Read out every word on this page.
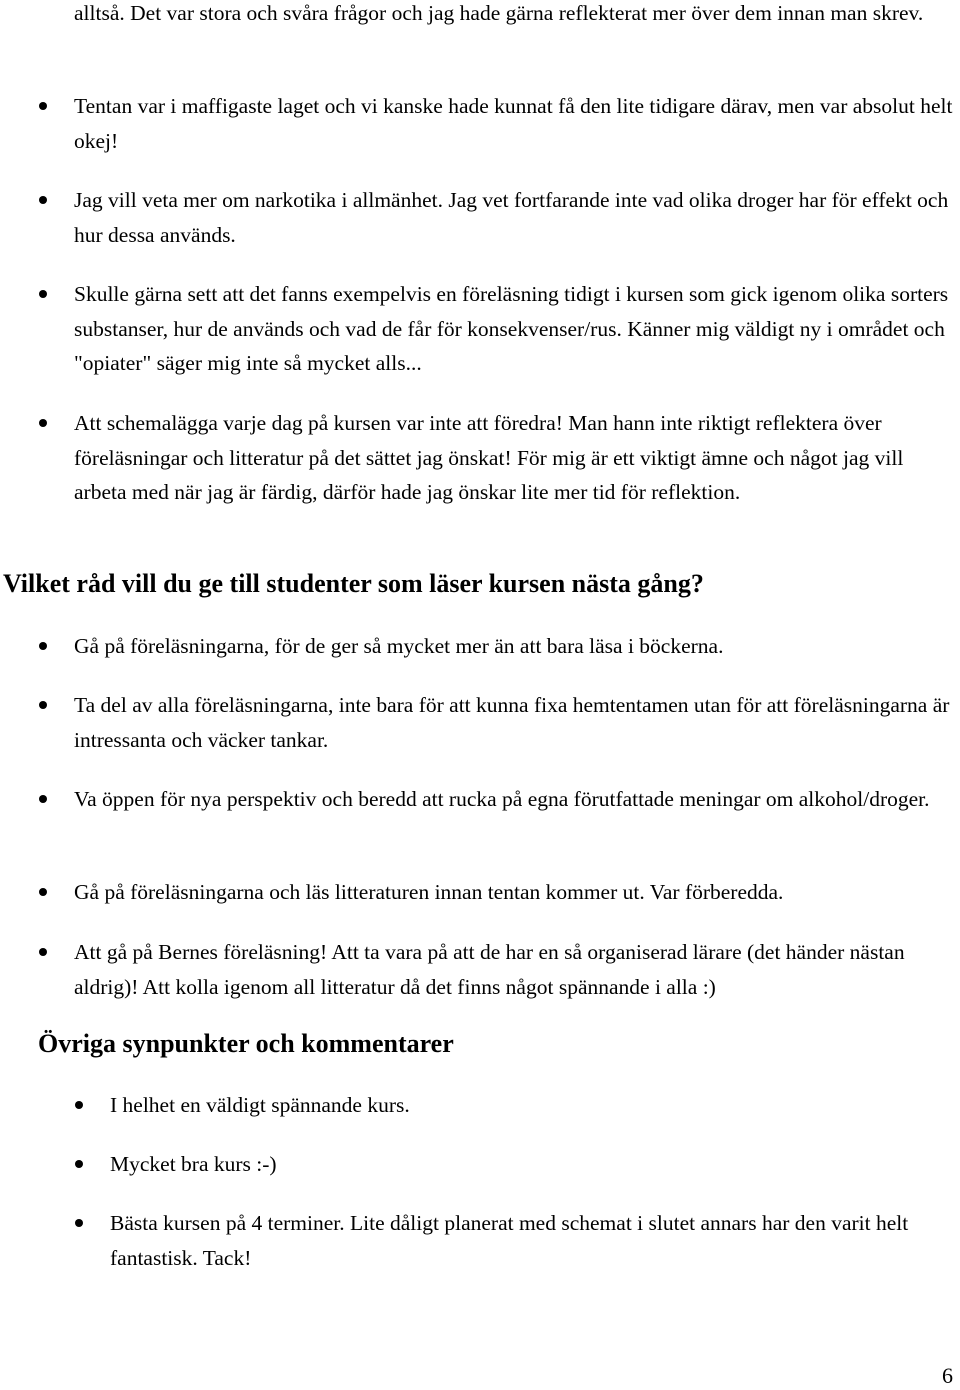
alltså. Det var stora och svåra frågor och jag hade gärna reflekterat mer över dem innan man skrev.

Tentan var i maffigaste laget och vi kanske hade kunnat få den lite tidigare därav, men var absolut helt okej!

Jag vill veta mer om narkotika i allmänhet. Jag vet fortfarande inte vad olika droger har för effekt och hur dessa används.

Skulle gärna sett att det fanns exempelvis en föreläsning tidigt i kursen som gick igenom olika sorters substanser, hur de används och vad de får för konsekvenser/rus. Känner mig väldigt ny i området och "opiater" säger mig inte så mycket alls...

Att schemalägga varje dag på kursen var inte att föredra! Man hann inte riktigt reflektera över föreläsningar och litteratur på det sättet jag önskat! För mig är ett viktigt ämne och något jag vill arbeta med när jag är färdig, därför hade jag önskar lite mer tid för reflektion.

Vilket råd vill du ge till studenter som läser kursen nästa gång?

Gå på föreläsningarna, för de ger så mycket mer än att bara läsa i böckerna.

Ta del av alla föreläsningarna, inte bara för att kunna fixa hemtentamen utan för att föreläsningarna är intressanta och väcker tankar.

Va öppen för nya perspektiv och beredd att rucka på egna förutfattade meningar om alkohol/droger.

Gå på föreläsningarna och läs litteraturen innan tentan kommer ut. Var förberedda.

Att gå på Bernes föreläsning! Att ta vara på att de har en så organiserad lärare (det händer nästan aldrig)! Att kolla igenom all litteratur då det finns något spännande i alla :)

Övriga synpunkter och kommentarer

I helhet en väldigt spännande kurs.

Mycket bra kurs :-)

Bästa kursen på 4 terminer. Lite dåligt planerat med schemat i slutet annars har den varit helt fantastisk. Tack!

6
